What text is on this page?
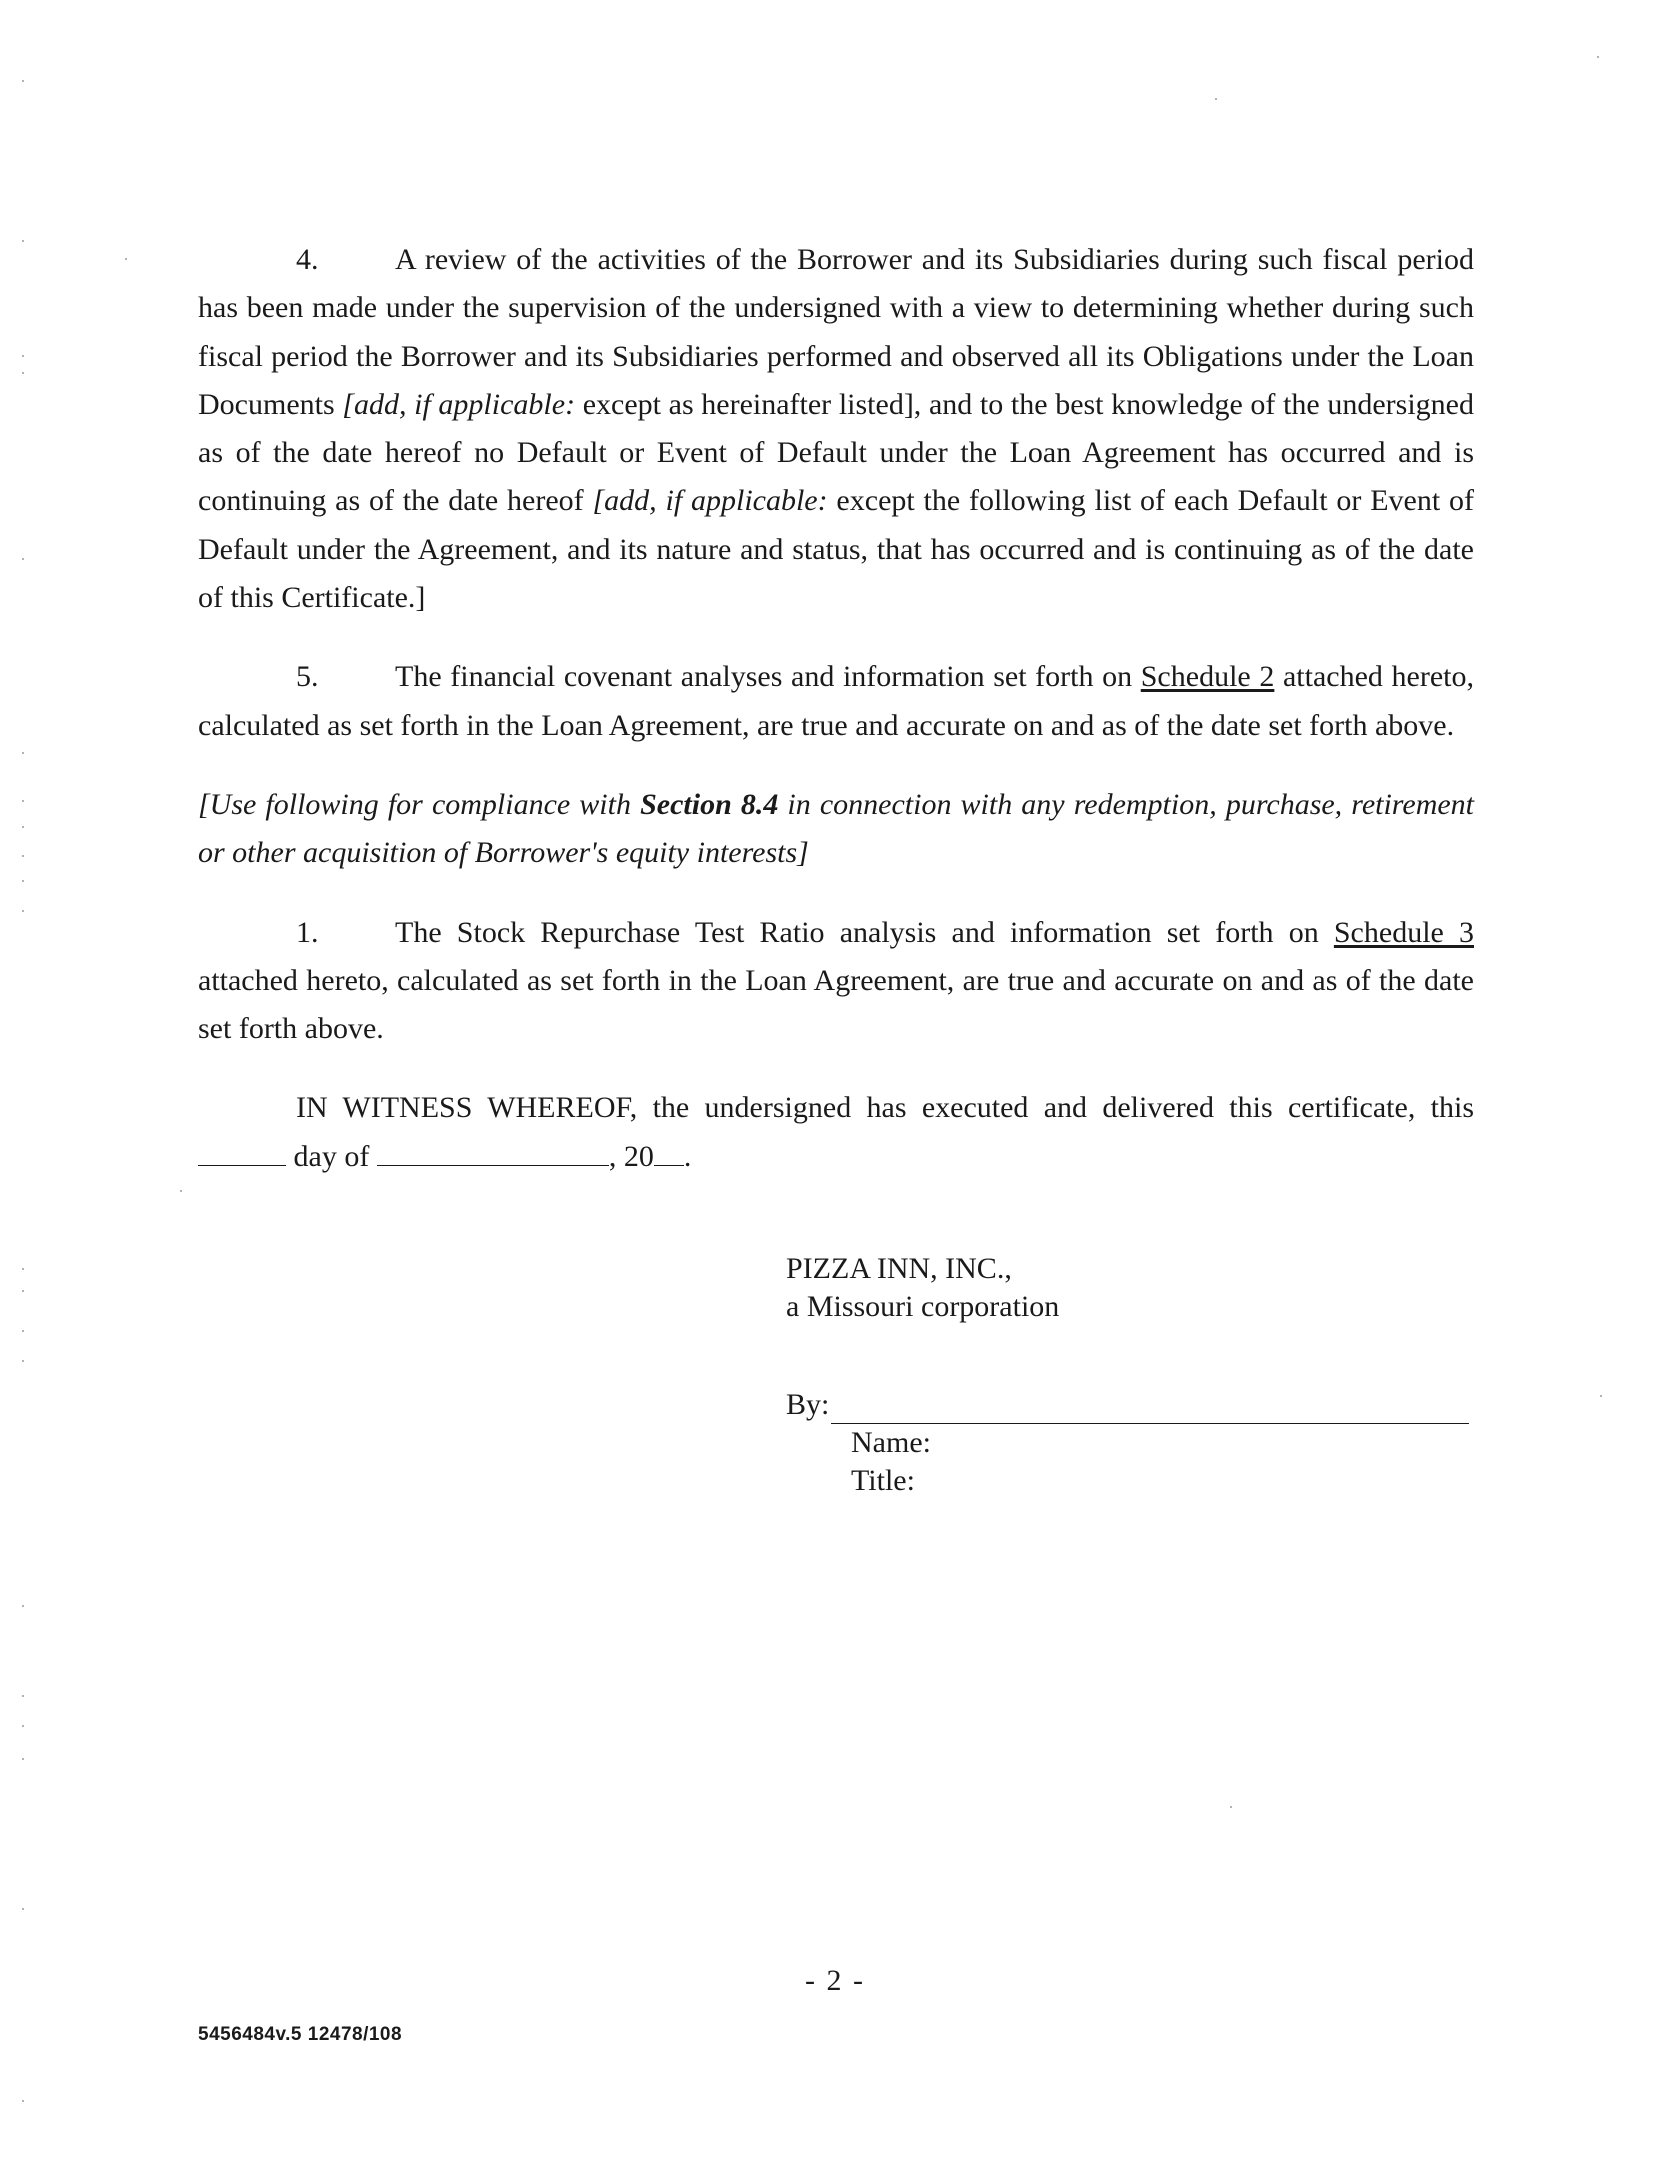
4.	A review of the activities of the Borrower and its Subsidiaries during such fiscal period has been made under the supervision of the undersigned with a view to determining whether during such fiscal period the Borrower and its Subsidiaries performed and observed all its Obligations under the Loan Documents [add, if applicable: except as hereinafter listed], and to the best knowledge of the undersigned as of the date hereof no Default or Event of Default under the Loan Agreement has occurred and is continuing as of the date hereof [add, if applicable: except the following list of each Default or Event of Default under the Agreement, and its nature and status, that has occurred and is continuing as of the date of this Certificate.]

5.	The financial covenant analyses and information set forth on Schedule 2 attached hereto, calculated as set forth in the Loan Agreement, are true and accurate on and as of the date set forth above.

[Use following for compliance with Section 8.4 in connection with any redemption, purchase, retirement or other acquisition of Borrower's equity interests]

1.	The Stock Repurchase Test Ratio analysis and information set forth on Schedule 3 attached hereto, calculated as set forth in the Loan Agreement, are true and accurate on and as of the date set forth above.

IN WITNESS WHEREOF, the undersigned has executed and delivered this certificate, this  day of	, 20 .

PIZZA INN, INC.,
a Missouri corporation
By:
Name:
Title:
- 2 -
5456484v.5 12478/108
